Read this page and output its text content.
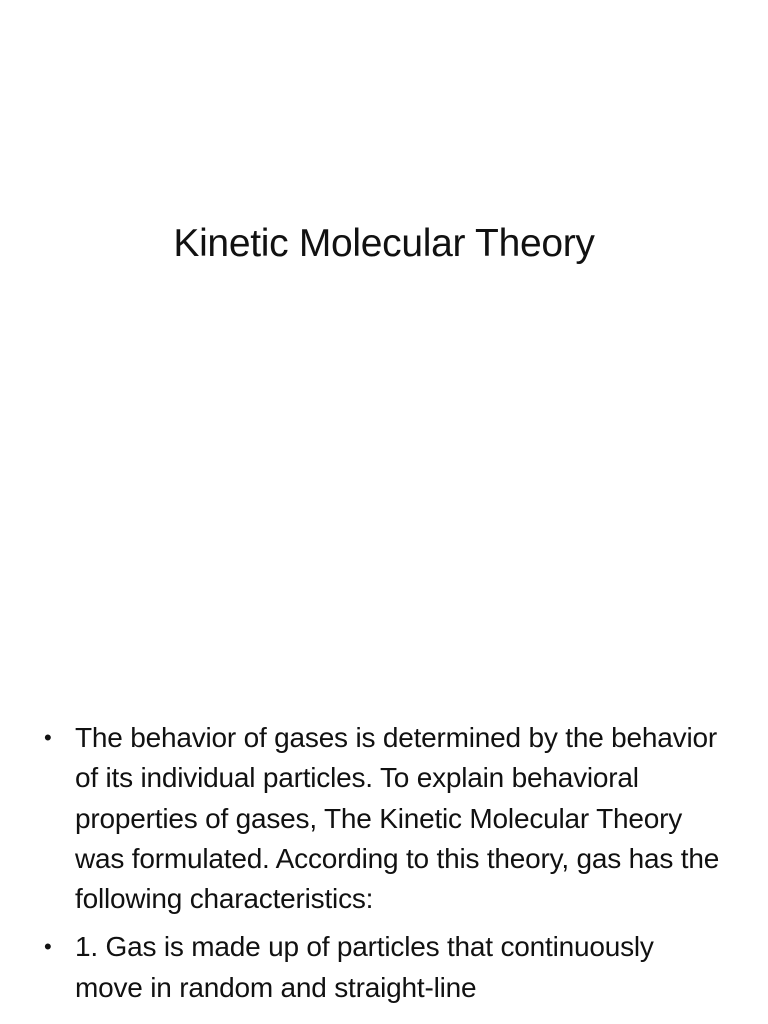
Kinetic Molecular Theory
• The behavior of gases is determined by the behavior of its individual particles. To explain behavioral properties of gases, The Kinetic Molecular Theory was formulated. According to this theory, gas has the following characteristics:
• 1. Gas is made up of particles that continuously move in random and straight-line
